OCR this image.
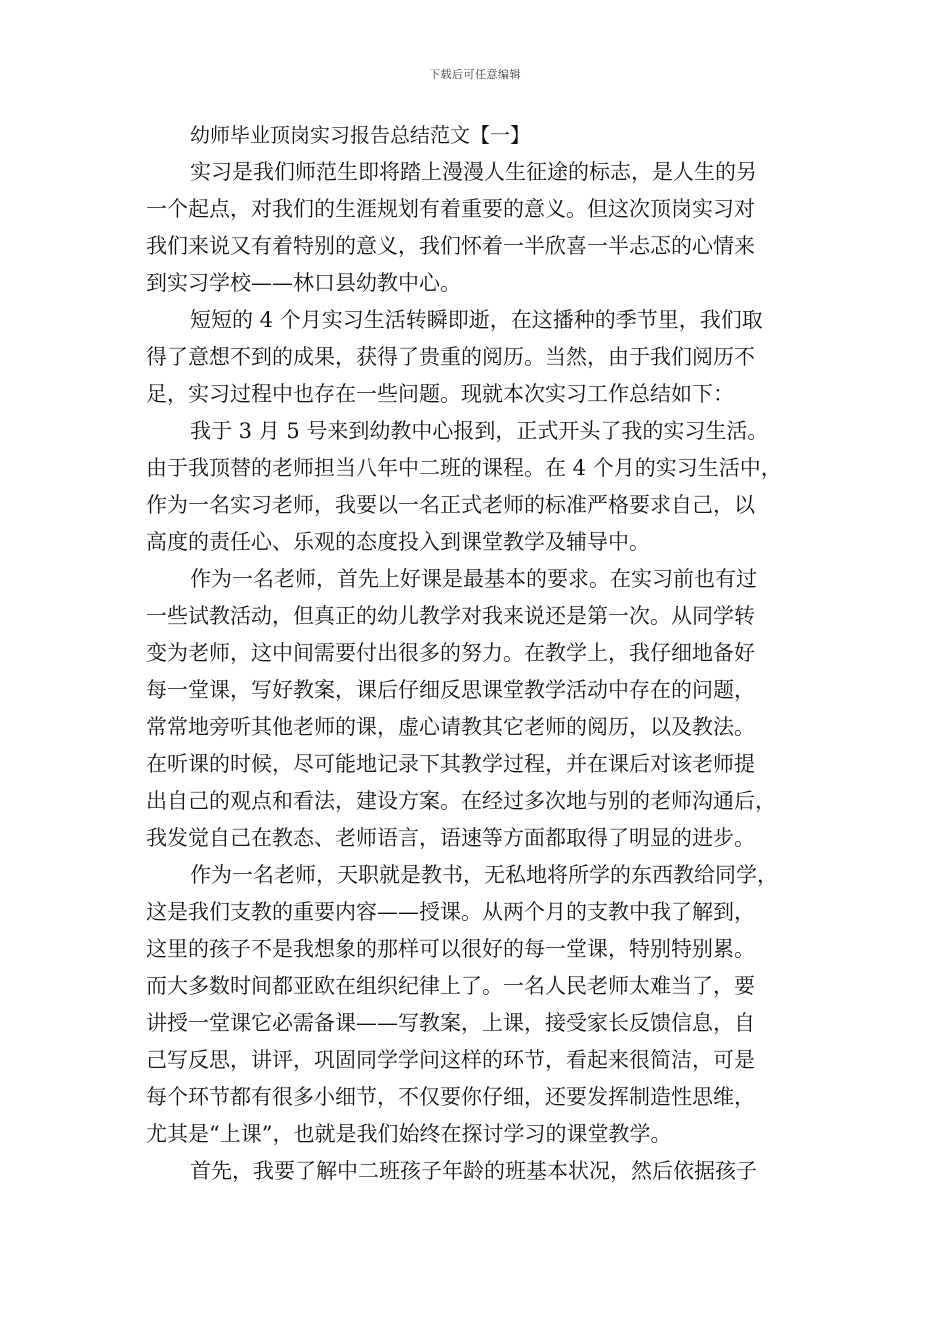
下载后可任意编辑
幼师毕业顶岗实习报告总结范文【一】
实习是我们师范生即将踏上漫漫人生征途的标志，是人生的另
一个起点，对我们的生涯规划有着重要的意义。但这次顶岗实习对
我们来说又有着特别的意义，我们怀着一半欣喜一半忐忑的心情来
到实习学校——林口县幼教中心。
短短的 4 个月实习生活转瞬即逝，在这播种的季节里，我们取
得了意想不到的成果，获得了贵重的阅历。当然，由于我们阅历不
足，实习过程中也存在一些问题。现就本次实习工作总结如下：
我于 3 月 5 号来到幼教中心报到，正式开头了我的实习生活。
由于我顶替的老师担当八年中二班的课程。在 4 个月的实习生活中，
作为一名实习老师，我要以一名正式老师的标准严格要求自己，以
高度的责任心、乐观的态度投入到课堂教学及辅导中。
作为一名老师，首先上好课是最基本的要求。在实习前也有过
一些试教活动，但真正的幼儿教学对我来说还是第一次。从同学转
变为老师，这中间需要付出很多的努力。在教学上，我仔细地备好
每一堂课，写好教案，课后仔细反思课堂教学活动中存在的问题，
常常地旁听其他老师的课，虚心请教其它老师的阅历，以及教法。
在听课的时候，尽可能地记录下其教学过程，并在课后对该老师提
出自己的观点和看法，建设方案。在经过多次地与别的老师沟通后，
我发觉自己在教态、老师语言，语速等方面都取得了明显的进步。
作为一名老师，天职就是教书，无私地将所学的东西教给同学，
这是我们支教的重要内容——授课。从两个月的支教中我了解到，
这里的孩子不是我想象的那样可以很好的每一堂课，特别特别累。
而大多数时间都亚欧在组织纪律上了。一名人民老师太难当了，要
讲授一堂课它必需备课——写教案，上课，接受家长反馈信息，自
己写反思，讲评，巩固同学学问这样的环节，看起来很简洁，可是
每个环节都有很多小细节，不仅要你仔细，还要发挥制造性思维，
尤其是“上课”，也就是我们始终在探讨学习的课堂教学。
首先，我要了解中二班孩子年龄的班基本状况，然后依据孩子
